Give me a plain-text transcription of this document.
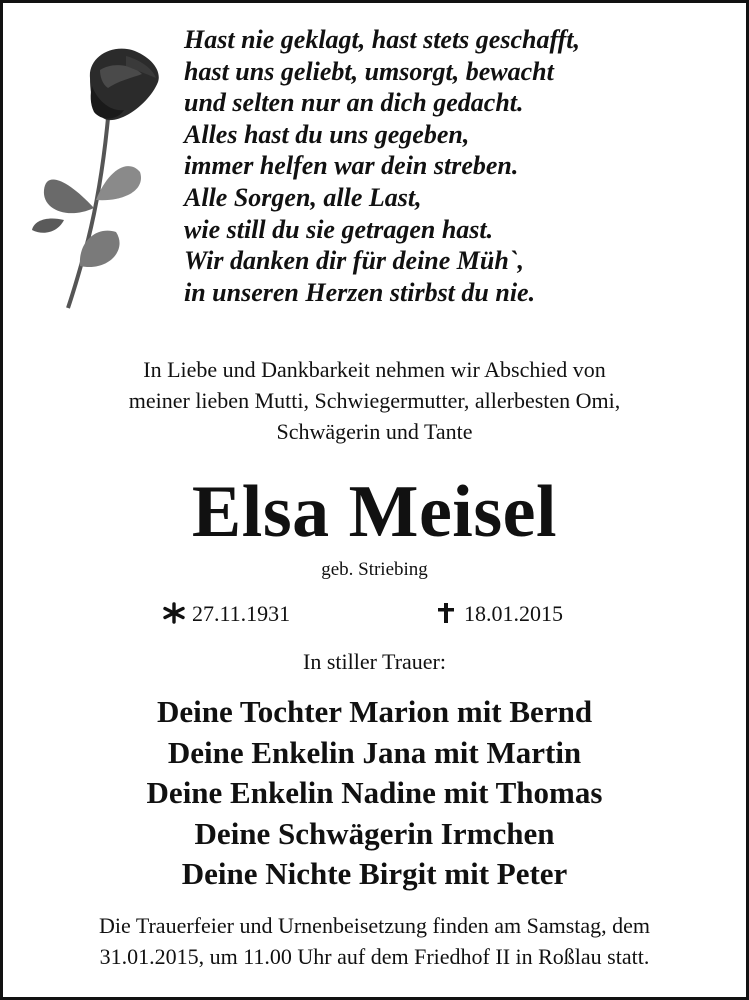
Hast nie geklagt, hast stets geschafft,
hast uns geliebt, umsorgt, bewacht
und selten nur an dich gedacht.
Alles hast du uns gegeben,
immer helfen war dein streben.
Alle Sorgen, alle Last,
wie still du sie getragen hast.
Wir danken dir für deine Müh`,
in unseren Herzen stirbst du nie.
In Liebe und Dankbarkeit nehmen wir Abschied von
meiner lieben Mutti, Schwiegermutter, allerbesten Omi,
Schwägerin und Tante
Elsa Meisel
geb. Striebing
27.11.1931	18.01.2015
In stiller Trauer:
Deine Tochter Marion mit Bernd
Deine Enkelin Jana mit Martin
Deine Enkelin Nadine mit Thomas
Deine Schwägerin Irmchen
Deine Nichte Birgit mit Peter
Die Trauerfeier und Urnenbeisetzung finden am Samstag, dem
31.01.2015, um 11.00 Uhr auf dem Friedhof II in Roßlau statt.
